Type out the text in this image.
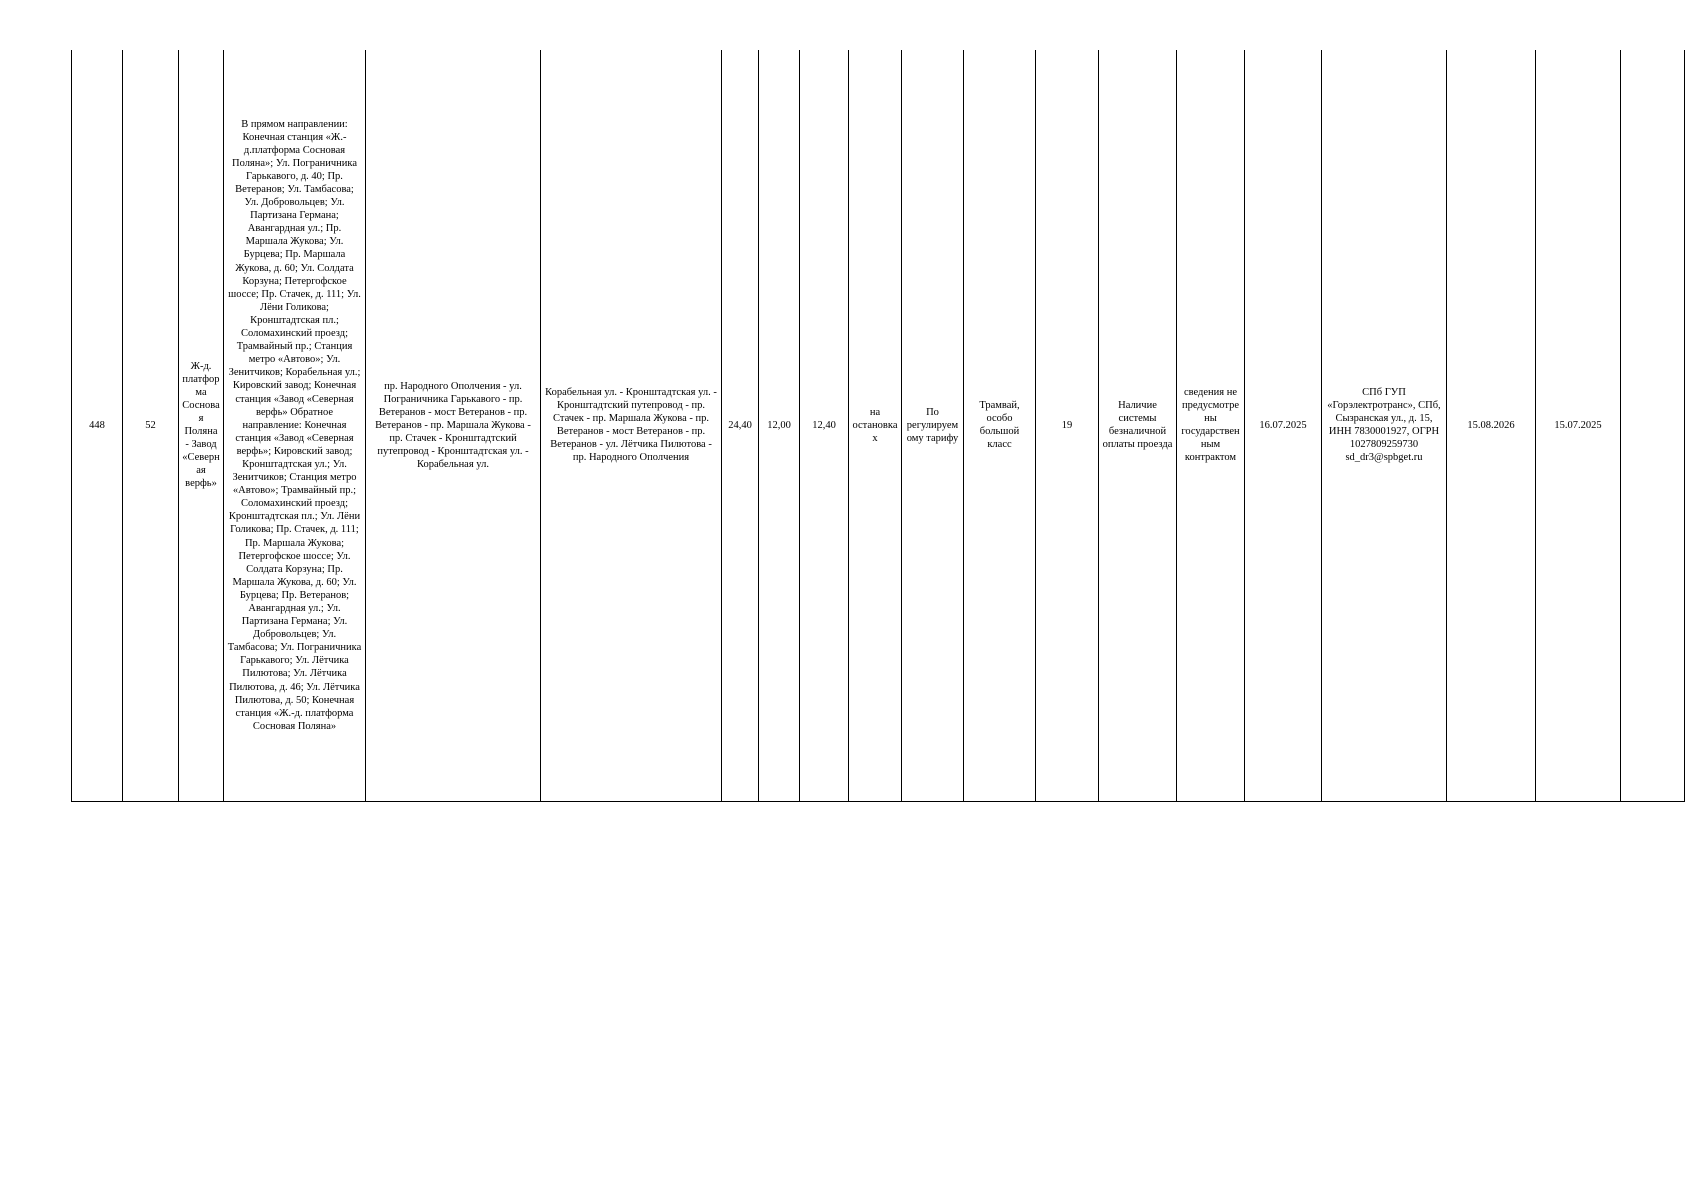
448	52	Ж-д. платформа Сосновая Поляна - Завод «Северная верфь»	В прямом направлении: Конечная станция «Ж.-д.платформа Сосновая Поляна»; Ул. Пограничника Гарькавого, д. 40; Пр. Ветеранов; Ул. Тамбасова; Ул. Добровольцев; Ул. Партизана Германа; Авангардная ул.; Пр. Маршала Жукова; Ул. Бурцева; Пр. Маршала Жукова, д. 60; Ул. Солдата Корзуна; Петергофское шоссе; Пр. Стачек, д. 111; Ул. Лёни Голикова; Кронштадтская пл.; Соломахинский проезд; Трамвайный пр.; Станция метро «Автово»; Ул. Зенитчиков; Корабельная ул.; Кировский завод; Конечная станция «Завод «Северная верфь» Обратное направление: Конечная станция «Завод «Северная верфь»; Кировский завод; Кронштадтская ул.; Ул. Зенитчиков; Станция метро «Автово»; Трамвайный пр.; Соломахинский проезд; Кронштадтская пл.; Ул. Лёни Голикова; Пр. Стачек, д. 111; Пр. Маршала Жукова; Петергофское шоссе; Ул. Солдата Корзуна; Пр. Маршала Жукова, д. 60; Ул. Бурцева; Пр. Ветеранов; Авангардная ул.; Ул. Партизана Германа; Ул. Добровольцев; Ул. Тамбасова; Ул. Пограничника Гарькавого; Ул. Лётчика Пилютова; Ул. Лётчика Пилютова, д. 46; Ул. Лётчика Пилютова, д. 50; Конечная станция «Ж.-д. платформа Сосновая Поляна»	пр. Народного Ополчения - ул. Пограничника Гарькавого - пр. Ветеранов - мост Ветеранов - пр. Ветеранов - пр. Маршала Жукова - пр. Стачек - Кронштадтский путепровод - Кронштадтская ул. - Корабельная ул.	Корабельная ул. - Кронштадтская ул. - Кронштадтский путепровод - пр. Стачек - пр. Маршала Жукова - пр. Ветеранов - мост Ветеранов - пр. Ветеранов - ул. Лётчика Пилютова - пр. Народного Ополчения	24,40	12,00	12,40	на остановках	По регулируемому тарифу	Трамвай, особо большой класс	19	Наличие системы безналичной оплаты проезда	сведения не предусмотрены государственным контрактом	16.07.2025	СПб ГУП «Горэлектротранс», СПб, Сызранская ул., д. 15, ИНН 7830001927, ОГРН 1027809259730 sd_dr3@spbget.ru	15.08.2026	15.07.2025	
